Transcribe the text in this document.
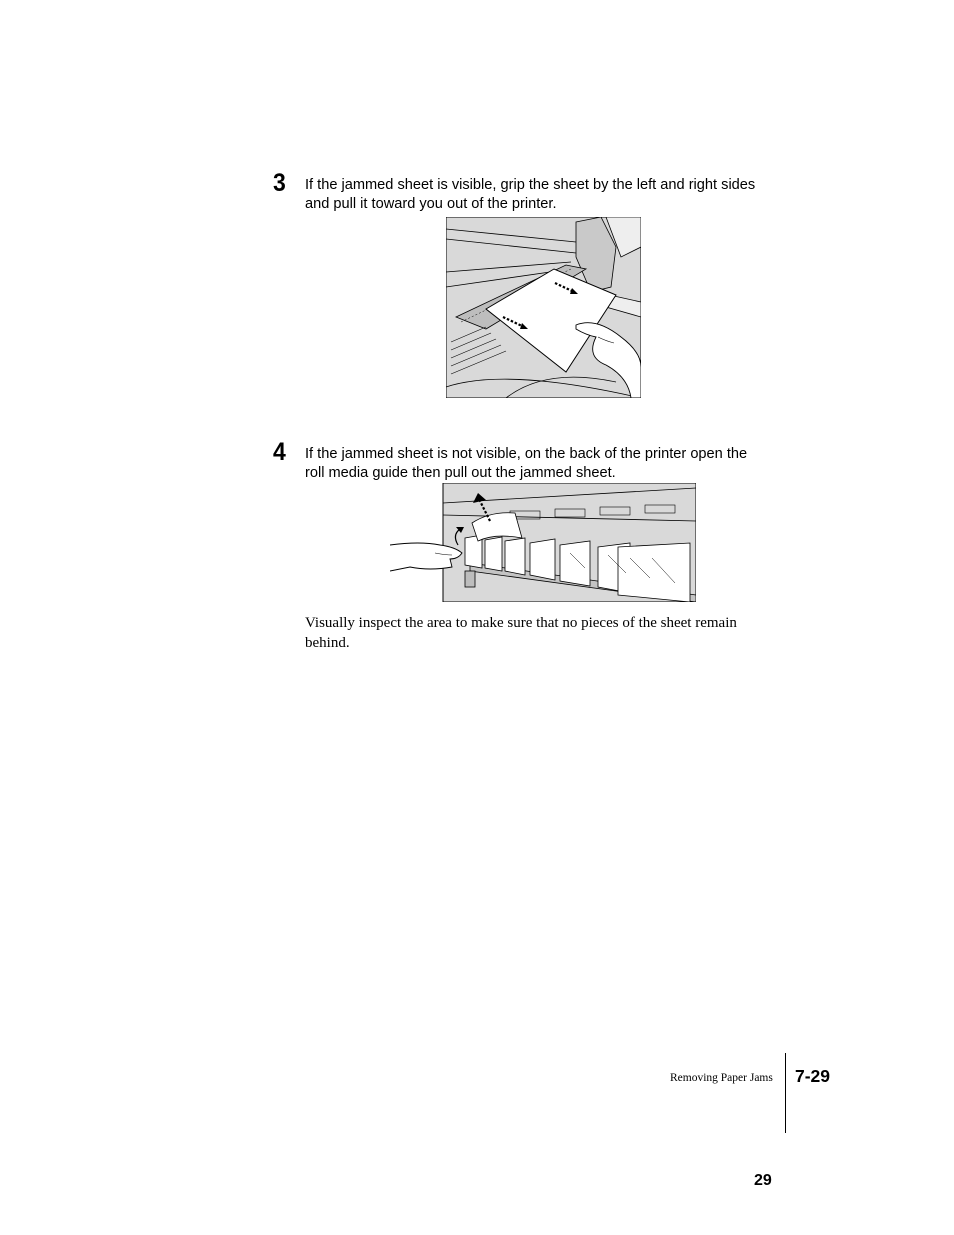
3 If the jammed sheet is visible, grip the sheet by the left and right sides
and pull it toward you out of the printer.
4 If the jammed sheet is not visible, on the back of the printer open the
roll media guide then pull out the jammed sheet.
Visually inspect the area to make sure that no pieces of the sheet remain
behind.
Removing Paper Jams 7-29
29
